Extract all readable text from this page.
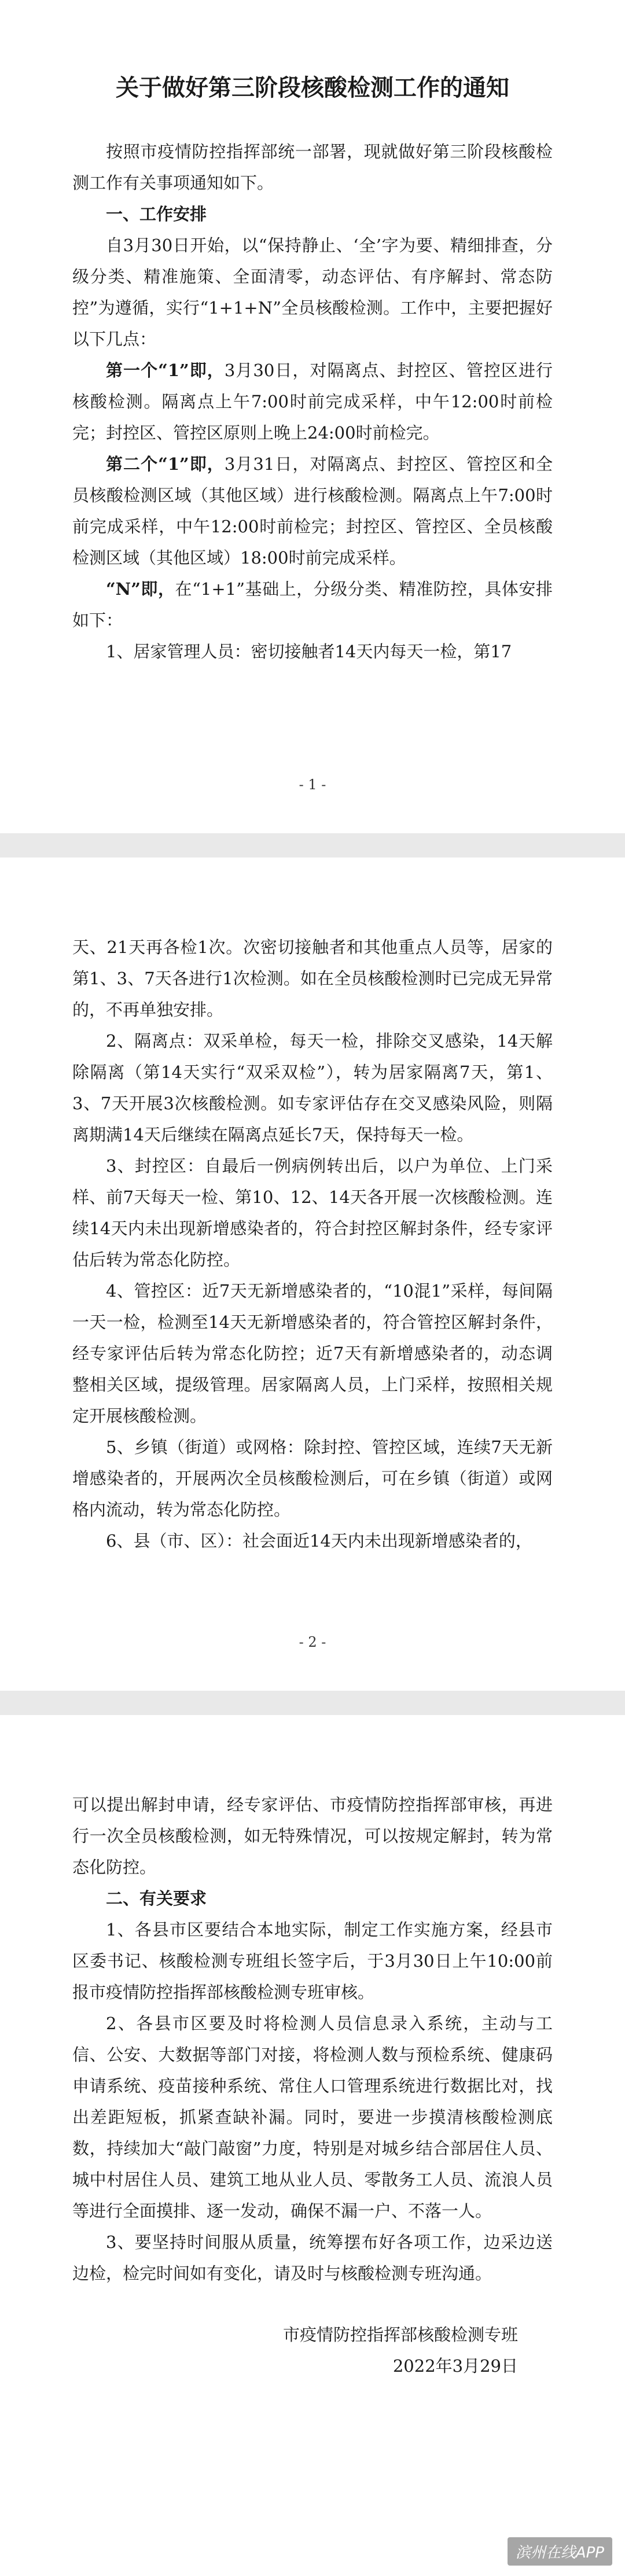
关于做好第三阶段核酸检测工作的通知

按照市疫情防控指挥部统一部署，现就做好第三阶段核酸检测工作有关事项通知如下。

一、工作安排

自3月30日开始，以“保持静止、‘全’字为要、精细排查，分级分类、精准施策、全面清零，动态评估、有序解封、常态防控”为遵循，实行“1+1+N”全员核酸检测。工作中，主要把握好以下几点：

第一个“1”即，3月30日，对隔离点、封控区、管控区进行核酸检测。隔离点上午7:00时前完成采样，中午12:00时前检完；封控区、管控区原则上晚上24:00时前检完。

第二个“1”即，3月31日，对隔离点、封控区、管控区和全员核酸检测区域（其他区域）进行核酸检测。隔离点上午7:00时前完成采样，中午12:00时前检完；封控区、管控区、全员核酸检测区域（其他区域）18:00时前完成采样。

“N”即，在“1+1”基础上，分级分类、精准防控，具体安排如下：

1、居家管理人员：密切接触者14天内每天一检，第17

- 1 -

天、21天再各检1次。次密切接触者和其他重点人员等，居家的第1、3、7天各进行1次检测。如在全员核酸检测时已完成无异常的，不再单独安排。

2、隔离点：双采单检，每天一检，排除交叉感染，14天解除隔离（第14天实行“双采双检”），转为居家隔离7天，第1、3、7天开展3次核酸检测。如专家评估存在交叉感染风险，则隔离期满14天后继续在隔离点延长7天，保持每天一检。

3、封控区：自最后一例病例转出后，以户为单位、上门采样、前7天每天一检、第10、12、14天各开展一次核酸检测。连续14天内未出现新增感染者的，符合封控区解封条件，经专家评估后转为常态化防控。

4、管控区：近7天无新增感染者的，“10混1”采样，每间隔一天一检，检测至14天无新增感染者的，符合管控区解封条件，经专家评估后转为常态化防控；近7天有新增感染者的，动态调整相关区域，提级管理。居家隔离人员，上门采样，按照相关规定开展核酸检测。

5、乡镇（街道）或网格：除封控、管控区域，连续7天无新增感染者的，开展两次全员核酸检测后，可在乡镇（街道）或网格内流动，转为常态化防控。

6、县（市、区）：社会面近14天内未出现新增感染者的，

- 2 -

可以提出解封申请，经专家评估、市疫情防控指挥部审核，再进行一次全员核酸检测，如无特殊情况，可以按规定解封，转为常态化防控。

二、有关要求

1、各县市区要结合本地实际，制定工作实施方案，经县市区委书记、核酸检测专班组长签字后，于3月30日上午10:00前报市疫情防控指挥部核酸检测专班审核。

2、各县市区要及时将检测人员信息录入系统，主动与工信、公安、大数据等部门对接，将检测人数与预检系统、健康码申请系统、疫苗接种系统、常住人口管理系统进行数据比对，找出差距短板，抓紧查缺补漏。同时，要进一步摸清核酸检测底数，持续加大“敲门敲窗”力度，特别是对城乡结合部居住人员、城中村居住人员、建筑工地从业人员、零散务工人员、流浪人员等进行全面摸排、逐一发动，确保不漏一户、不落一人。

3、要坚持时间服从质量，统筹摆布好各项工作，边采边送边检，检完时间如有变化，请及时与核酸检测专班沟通。

市疫情防控指挥部核酸检测专班

2022年3月29日

滨州在线APP
